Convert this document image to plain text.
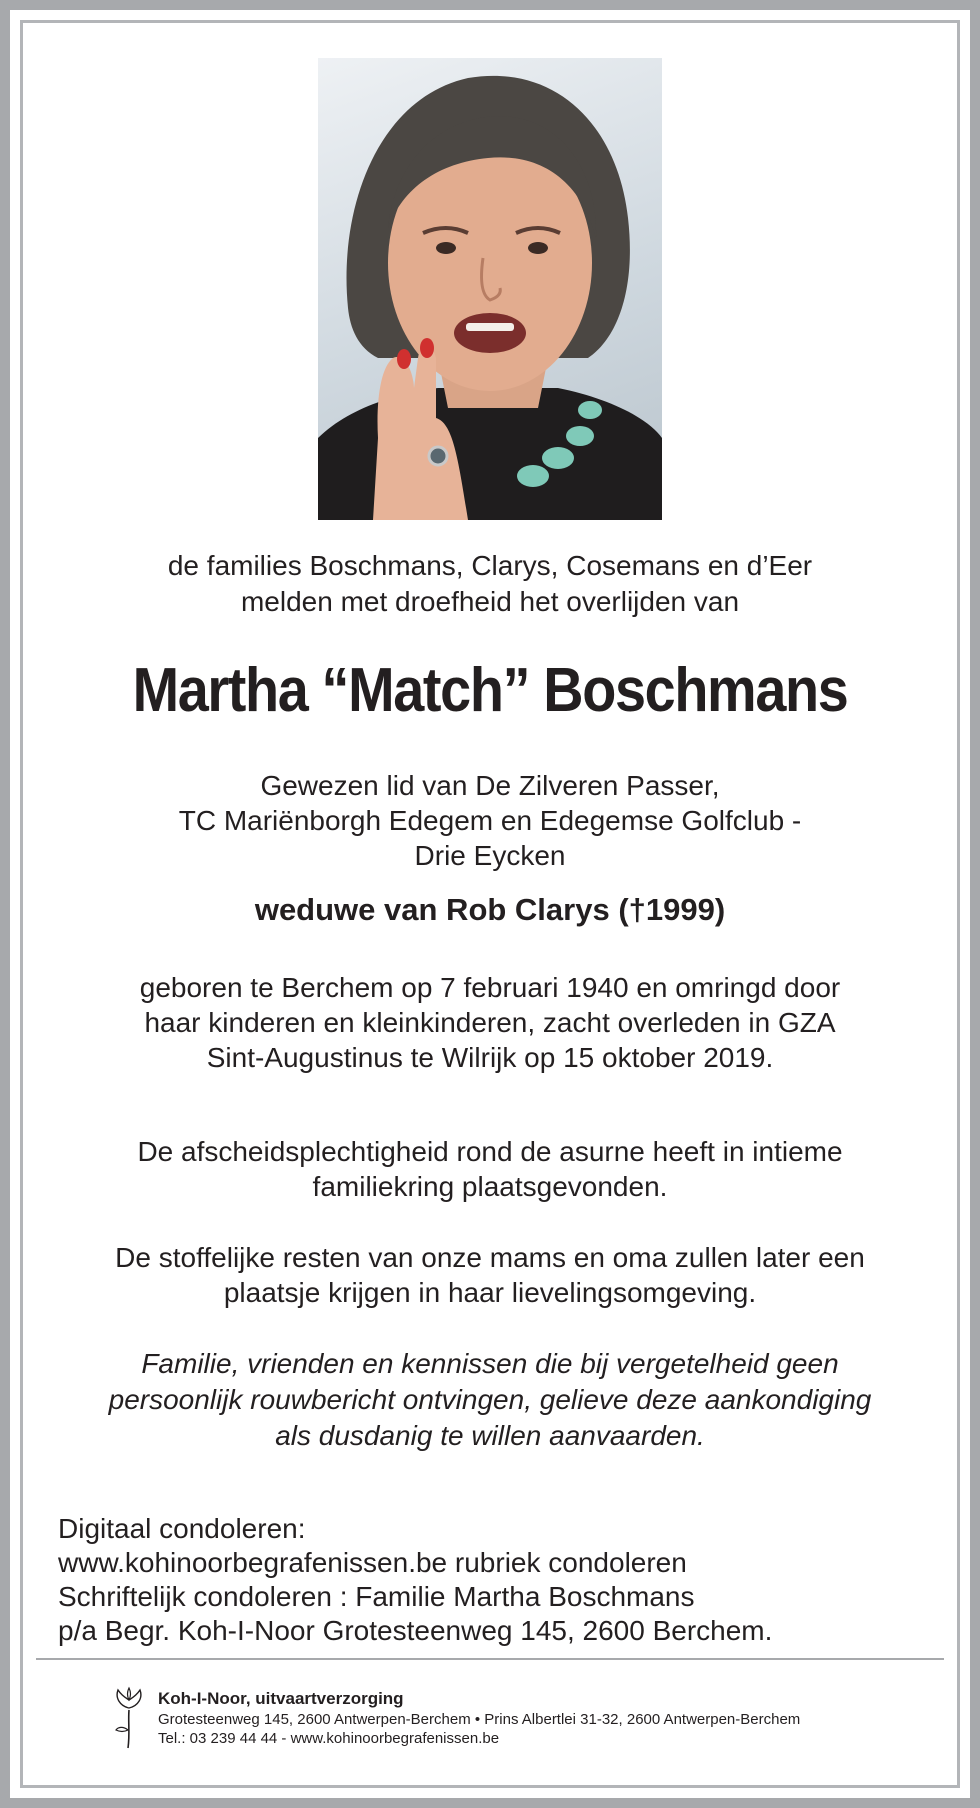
de families Boschmans, Clarys, Cosemans en d’Eer
melden met droefheid het overlijden van
Martha “Match” Boschmans
Gewezen lid van De Zilveren Passer,
TC Mariënborgh Edegem en Edegemse Golfclub -
Drie Eycken
weduwe van Rob Clarys (†1999)
geboren te Berchem op 7 februari 1940 en omringd door
haar kinderen en kleinkinderen, zacht overleden in GZA
Sint-Augustinus te Wilrijk op 15 oktober 2019.
De afscheidsplechtigheid rond de asurne heeft in intieme
familiekring plaatsgevonden.
De stoffelijke resten van onze mams en oma zullen later een
plaatsje krijgen in haar lievelingsomgeving.
Familie, vrienden en kennissen die bij vergetelheid geen
persoonlijk rouwbericht ontvingen, gelieve deze aankondiging
als dusdanig te willen aanvaarden.
Digitaal condoleren:
www.kohinoorbegrafenissen.be rubriek condoleren
Schriftelijk condoleren : Familie Martha Boschmans
p/a Begr. Koh-I-Noor Grotesteenweg 145, 2600 Berchem.
Koh-I-Noor, uitvaartverzorging
Grotesteenweg 145, 2600 Antwerpen-Berchem • Prins Albertlei 31-32, 2600 Antwerpen-Berchem
Tel.: 03 239 44 44 - www.kohinoorbegrafenissen.be
